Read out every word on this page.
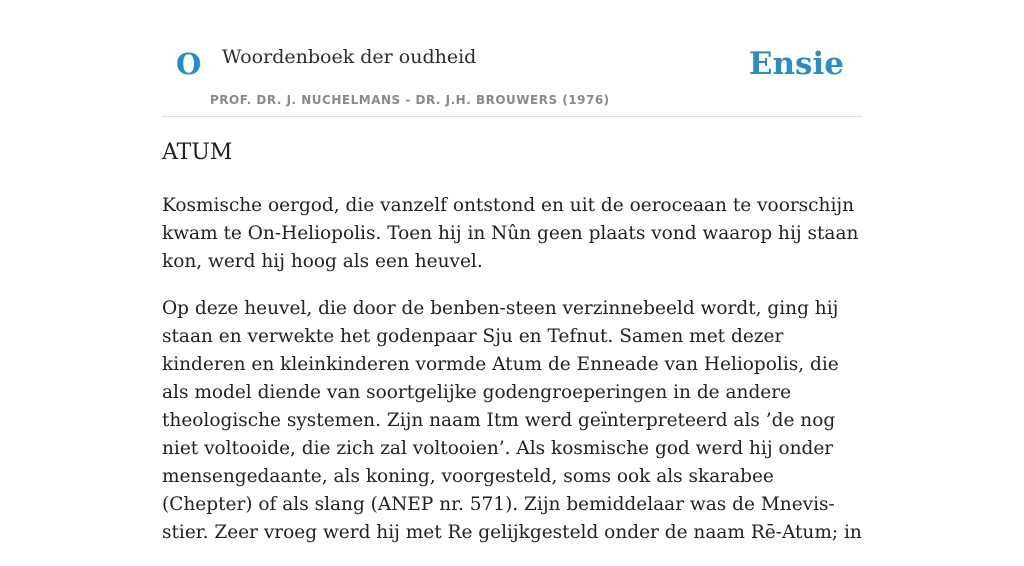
O Woordenboek der oudheid
PROF. DR. J. NUCHELMANS - DR. J.H. BROUWERS (1976)
Ensie
ATUM

Kosmische oergod, die vanzelf ontstond en uit de oeroceaan te voorschijn kwam te On-Heliopolis. Toen hij in Nûn geen plaats vond waarop hij staan kon, werd hij hoog als een heuvel.

Op deze heuvel, die door de benben-steen verzinnebeeld wordt, ging hij staan en verwekte het godenpaar Sju en Tefnut. Samen met dezer kinderen en kleinkinderen vormde Atum de Enneade van Heliopolis, die als model diende van soortgelijke godengroeperingen in de andere theologische systemen. Zijn naam Itm werd geïnterpreteerd als ’de nog niet voltooide, die zich zal voltooien’. Als kosmische god werd hij onder mensengedaante, als koning, voorgesteld, soms ook als skarabee (Chepter) of als slang (ANEP nr. 571). Zijn bemiddelaar was de Mnevis-stier. Zeer vroeg werd hij met Re gelijkgesteld onder de naam Rē-Atum; in
